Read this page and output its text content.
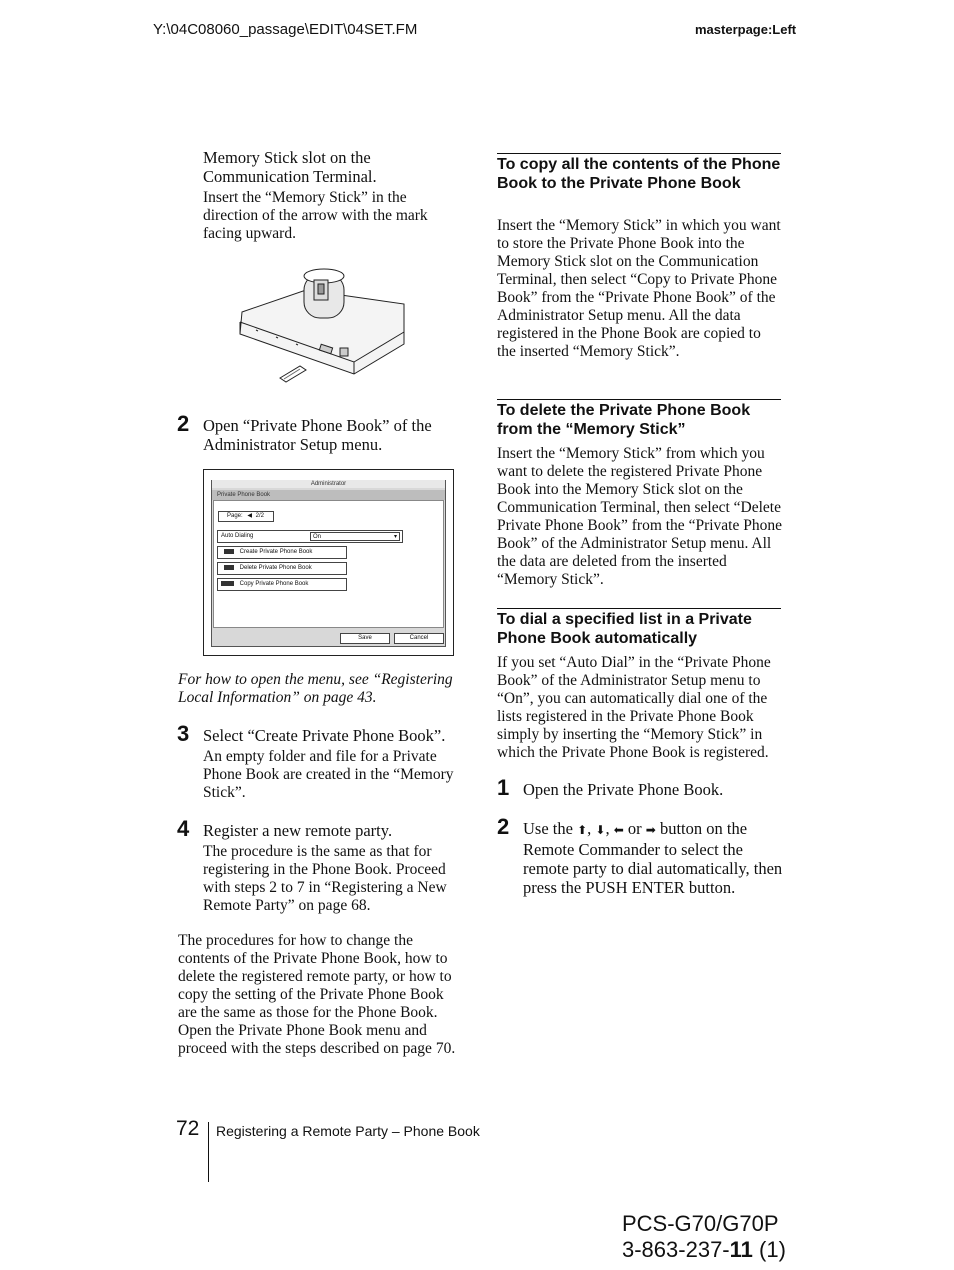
Y:\04C08060_passage\EDIT\04SET.FM	masterpage:Left
Memory Stick slot on the Communication Terminal.
Insert the “Memory Stick” in the direction of the arrow with the mark facing upward.
2 Open “Private Phone Book” of the Administrator Setup menu.
Administrator
Private Phone Book
Page: ◀ 2/2
Auto Dialing	On	▾
Create Private Phone Book
Delete Private Phone Book
Copy Private Phone Book
Save	Cancel
For how to open the menu, see “Registering Local Information” on page 43.
3 Select “Create Private Phone Book”.
An empty folder and file for a Private Phone Book are created in the “Memory Stick”.
4 Register a new remote party.
The procedure is the same as that for registering in the Phone Book. Proceed with steps 2 to 7 in “Registering a New Remote Party” on page 68.
The procedures for how to change the contents of the Private Phone Book, how to delete the registered remote party, or how to copy the setting of the Private Phone Book are the same as those for the Phone Book. Open the Private Phone Book menu and proceed with the steps described on page 70.
To copy all the contents of the Phone Book to the Private Phone Book
Insert the “Memory Stick” in which you want to store the Private Phone Book into the Memory Stick slot on the Communication Terminal, then select “Copy to Private Phone Book” from the “Private Phone Book” of the Administrator Setup menu. All the data registered in the Phone Book are copied to the inserted “Memory Stick”.
To delete the Private Phone Book from the “Memory Stick”
Insert the “Memory Stick” from which you want to delete the registered Private Phone Book into the Memory Stick slot on the Communication Terminal, then select “Delete Private Phone Book” from the “Private Phone Book” of the Administrator Setup menu. All the data are deleted from the inserted “Memory Stick”.
To dial a specified list in a Private Phone Book automatically
If you set “Auto Dial” in the “Private Phone Book” of the Administrator Setup menu to “On”, you can automatically dial one of the lists registered in the Private Phone Book simply by inserting the “Memory Stick” in which the Private Phone Book is registered.
1 Open the Private Phone Book.
2 Use the ⬆, ⬇, ⬅ or ➡ button on the Remote Commander to select the remote party to dial automatically, then press the PUSH ENTER button.
72 Registering a Remote Party – Phone Book
PCS-G70/G70P
3-863-237-11 (1)
